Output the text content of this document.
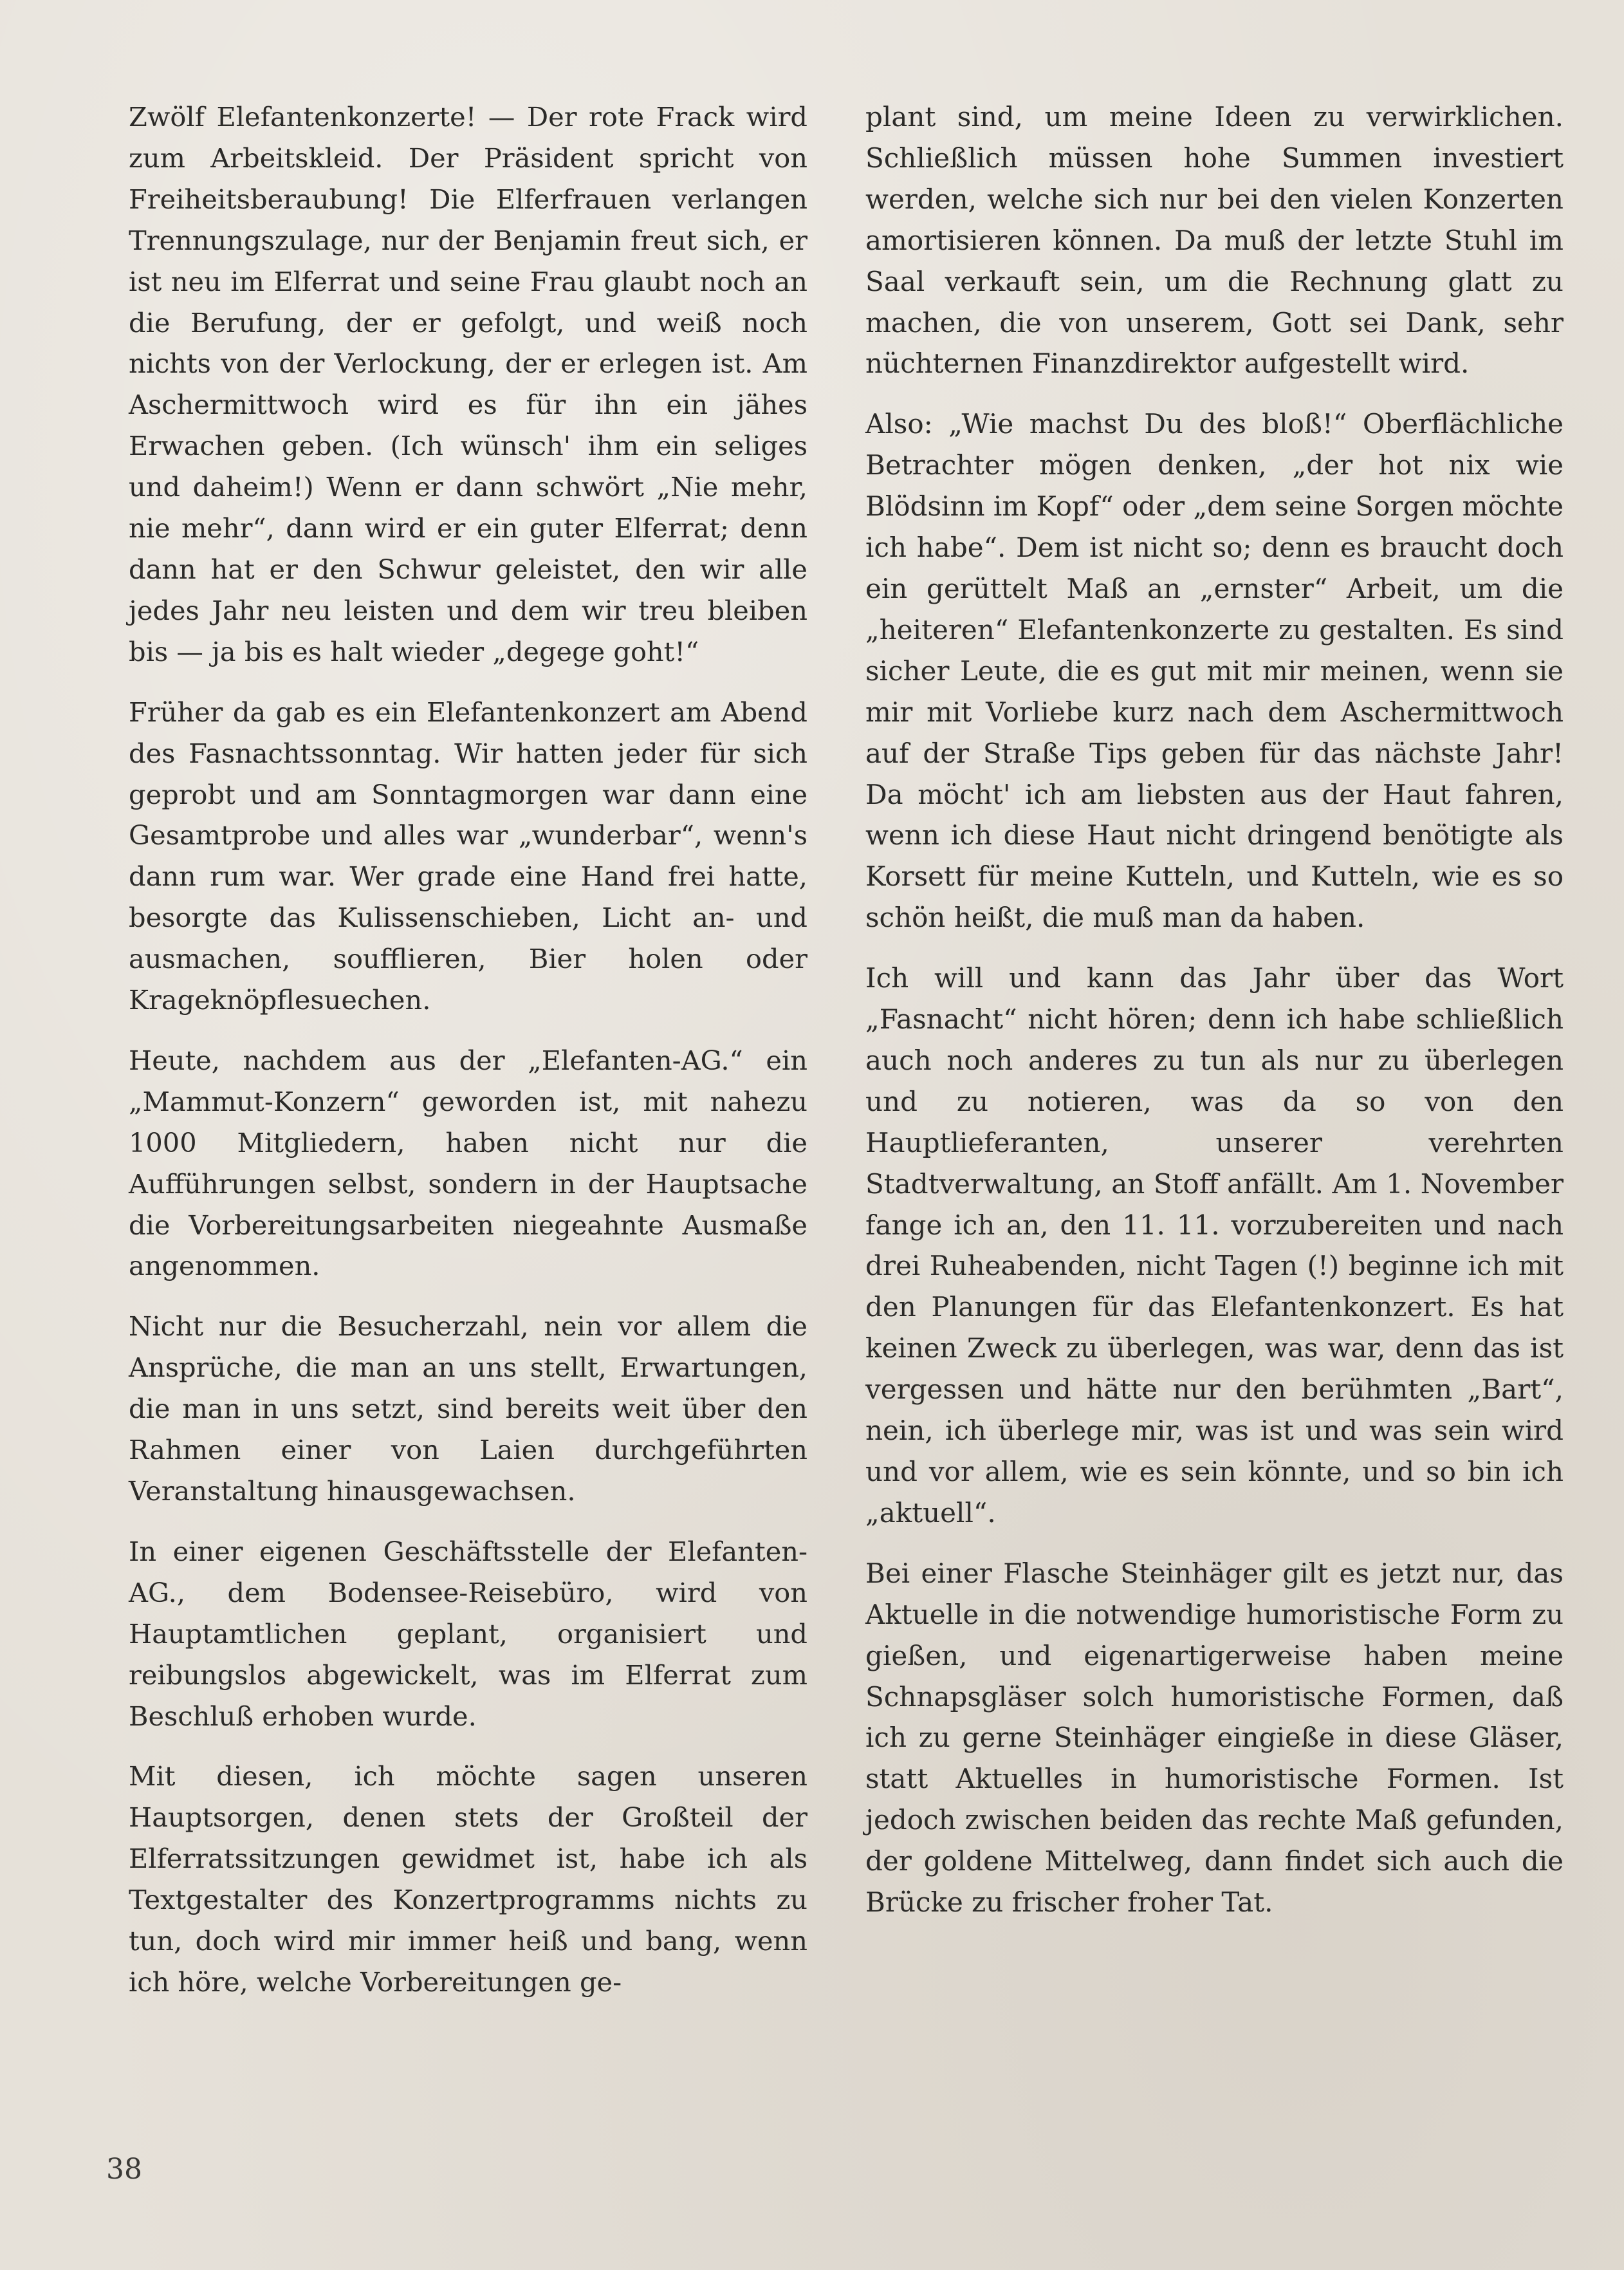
Zwölf Elefantenkonzerte! — Der rote Frack wird zum Arbeitskleid. Der Präsident spricht von Freiheitsberaubung! Die Elferfrauen verlangen Trennungszulage, nur der Benjamin freut sich, er ist neu im Elferrat und seine Frau glaubt noch an die Berufung, der er gefolgt, und weiß noch nichts von der Verlockung, der er erlegen ist. Am Aschermittwoch wird es für ihn ein jähes Erwachen geben. (Ich wünsch' ihm ein seliges und daheim!) Wenn er dann schwört „Nie mehr, nie mehr“, dann wird er ein guter Elferrat; denn dann hat er den Schwur geleistet, den wir alle jedes Jahr neu leisten und dem wir treu bleiben bis — ja bis es halt wieder „degege goht!“

Früher da gab es ein Elefantenkonzert am Abend des Fasnachtssonntag. Wir hatten jeder für sich geprobt und am Sonntagmorgen war dann eine Gesamtprobe und alles war „wunderbar“, wenn's dann rum war. Wer grade eine Hand frei hatte, besorgte das Kulissenschieben, Licht an- und ausmachen, soufflieren, Bier holen oder Krageknöpflesuechen.

Heute, nachdem aus der „Elefanten-AG.“ ein „Mammut-Konzern“ geworden ist, mit nahezu 1000 Mitgliedern, haben nicht nur die Aufführungen selbst, sondern in der Hauptsache die Vorbereitungsarbeiten niegeahnte Ausmaße angenommen.

Nicht nur die Besucherzahl, nein vor allem die Ansprüche, die man an uns stellt, Erwartungen, die man in uns setzt, sind bereits weit über den Rahmen einer von Laien durchgeführten Veranstaltung hinausgewachsen.

In einer eigenen Geschäftsstelle der Elefanten-AG., dem Bodensee-Reisebüro, wird von Hauptamtlichen geplant, organisiert und reibungslos abgewickelt, was im Elferrat zum Beschluß erhoben wurde.

Mit diesen, ich möchte sagen unseren Hauptsorgen, denen stets der Großteil der Elferratssitzungen gewidmet ist, habe ich als Textgestalter des Konzertprogramms nichts zu tun, doch wird mir immer heiß und bang, wenn ich höre, welche Vorbereitungen ge-

plant sind, um meine Ideen zu verwirklichen. Schließlich müssen hohe Summen investiert werden, welche sich nur bei den vielen Konzerten amortisieren können. Da muß der letzte Stuhl im Saal verkauft sein, um die Rechnung glatt zu machen, die von unserem, Gott sei Dank, sehr nüchternen Finanzdirektor aufgestellt wird.

Also: „Wie machst Du des bloß!“ Oberflächliche Betrachter mögen denken, „der hot nix wie Blödsinn im Kopf“ oder „dem seine Sorgen möchte ich habe“. Dem ist nicht so; denn es braucht doch ein gerüttelt Maß an „ernster“ Arbeit, um die „heiteren“ Elefantenkonzerte zu gestalten. Es sind sicher Leute, die es gut mit mir meinen, wenn sie mir mit Vorliebe kurz nach dem Aschermittwoch auf der Straße Tips geben für das nächste Jahr! Da möcht' ich am liebsten aus der Haut fahren, wenn ich diese Haut nicht dringend benötigte als Korsett für meine Kutteln, und Kutteln, wie es so schön heißt, die muß man da haben.

Ich will und kann das Jahr über das Wort „Fasnacht“ nicht hören; denn ich habe schließlich auch noch anderes zu tun als nur zu überlegen und zu notieren, was da so von den Hauptlieferanten, unserer verehrten Stadtverwaltung, an Stoff anfällt. Am 1. November fange ich an, den 11. 11. vorzubereiten und nach drei Ruheabenden, nicht Tagen (!) beginne ich mit den Planungen für das Elefantenkonzert. Es hat keinen Zweck zu überlegen, was war, denn das ist vergessen und hätte nur den berühmten „Bart“, nein, ich überlege mir, was ist und was sein wird und vor allem, wie es sein könnte, und so bin ich „aktuell“.

Bei einer Flasche Steinhäger gilt es jetzt nur, das Aktuelle in die notwendige humoristische Form zu gießen, und eigenartigerweise haben meine Schnapsgläser solch humoristische Formen, daß ich zu gerne Steinhäger eingieße in diese Gläser, statt Aktuelles in humoristische Formen. Ist jedoch zwischen beiden das rechte Maß gefunden, der goldene Mittelweg, dann findet sich auch die Brücke zu frischer froher Tat.

38
